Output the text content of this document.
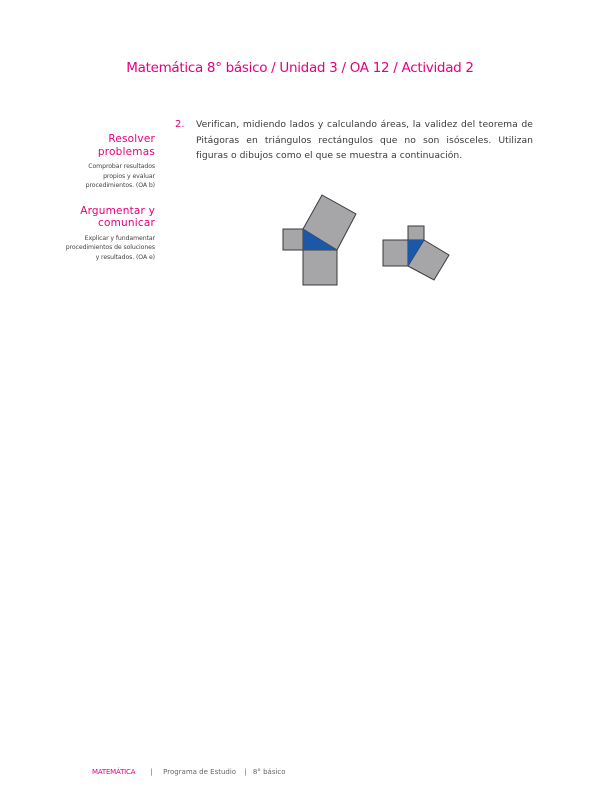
Matemática 8° básico / Unidad 3 / OA 12 / Actividad 2
Resolver
problemas
Comprobar resultados
propios y evaluar
procedimientos. (OA b)
Argumentar y
comunicar
Explicar y fundamentar
procedimientos de soluciones
y resultados. (OA e)
2. Verifican, midiendo lados y calculando áreas, la validez del teorema de Pitágoras en triángulos rectángulos que no son isósceles. Utilizan figuras o dibujos como el que se muestra a continuación.
MATEMÁTICA | Programa de Estudio | 8° básico
